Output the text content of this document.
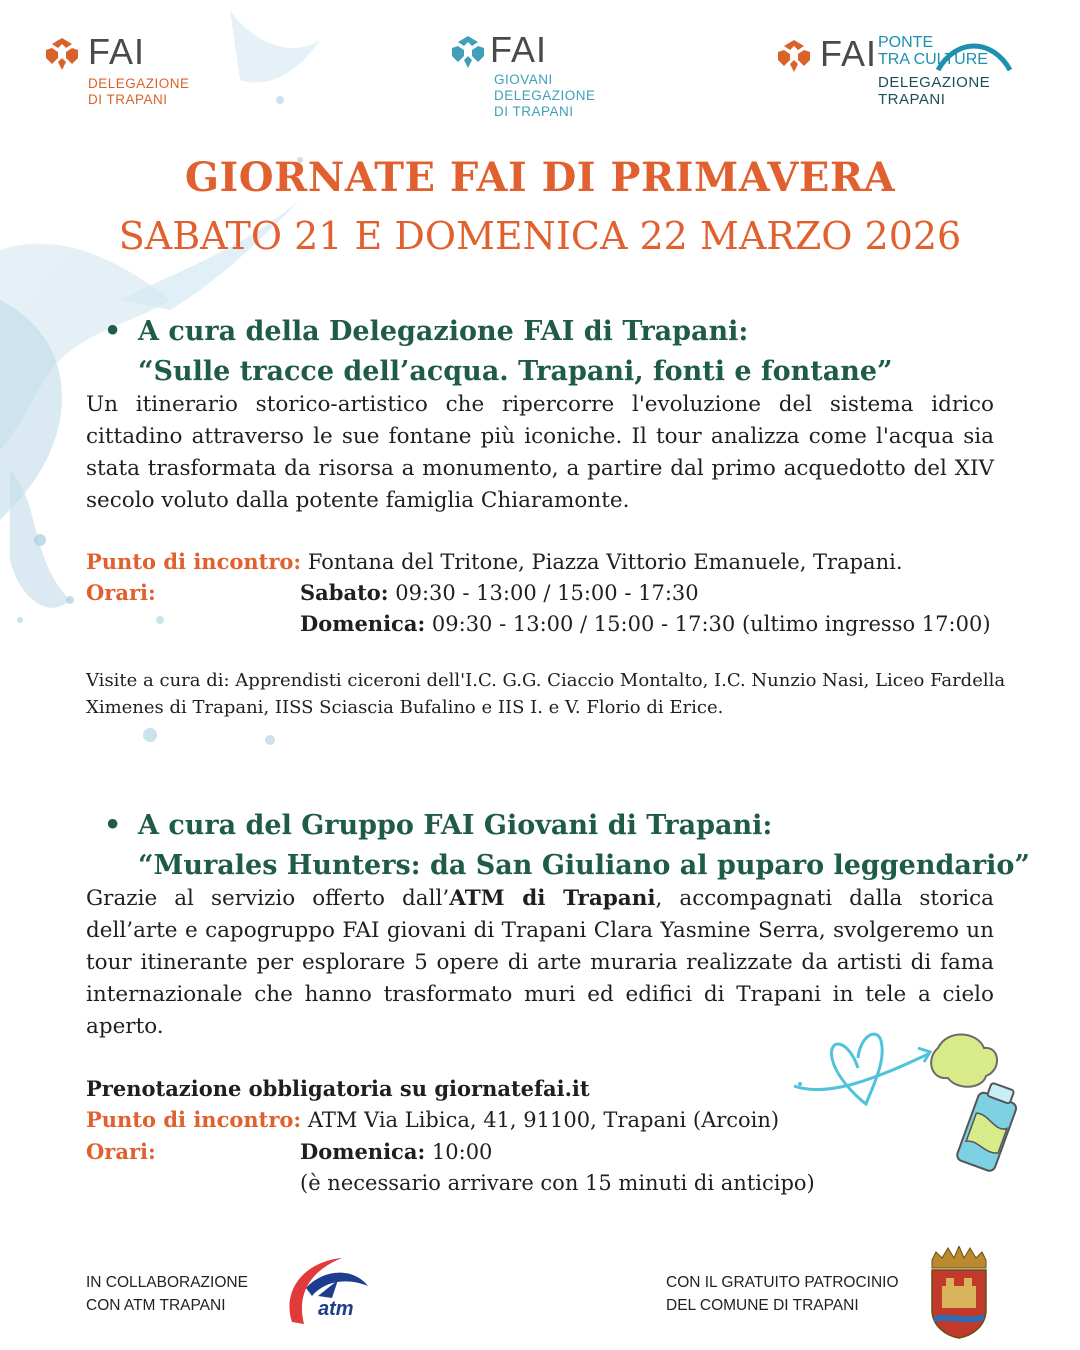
FAI
DELEGAZIONE
DI TRAPANI
FAI
GIOVANI
DELEGAZIONE
DI TRAPANI
FAI PONTE
TRA CULTURE
DELEGAZIONE
TRAPANI
GIORNATE FAI DI PRIMAVERA
SABATO 21 E DOMENICA 22 MARZO 2026
• A cura della Delegazione FAI di Trapani:
“Sulle tracce dell’acqua. Trapani, fonti e fontane”
Un itinerario storico-artistico che ripercorre l'evoluzione del sistema idrico cittadino attraverso le sue fontane più iconiche. Il tour analizza come l'acqua sia stata trasformata da risorsa a monumento, a partire dal primo acquedotto del XIV secolo voluto dalla potente famiglia Chiaramonte.
Punto di incontro: Fontana del Tritone, Piazza Vittorio Emanuele, Trapani.
Orari:	Sabato: 09:30 - 13:00 / 15:00 - 17:30
Domenica: 09:30 - 13:00 / 15:00 - 17:30 (ultimo ingresso 17:00)
Visite a cura di: Apprendisti ciceroni dell'I.C. G.G. Ciaccio Montalto, I.C. Nunzio Nasi, Liceo Fardella Ximenes di Trapani, IISS Sciascia Bufalino e IIS I. e V. Florio di Erice.
• A cura del Gruppo FAI Giovani di Trapani:
“Murales Hunters: da San Giuliano al puparo leggendario”
Grazie al servizio offerto dall’ATM di Trapani, accompagnati dalla storica dell’arte e capogruppo FAI giovani di Trapani Clara Yasmine Serra, svolgeremo un tour itinerante per esplorare 5 opere di arte muraria realizzate da artisti di fama internazionale che hanno trasformato muri ed edifici di Trapani in tele a cielo aperto.
Prenotazione obbligatoria su giornatefai.it
Punto di incontro: ATM Via Libica, 41, 91100, Trapani (Arcoin)
Orari:	Domenica: 10:00
(è necessario arrivare con 15 minuti di anticipo)
IN COLLABORAZIONE
CON ATM TRAPANI	atm
CON IL GRATUITO PATROCINIO
DEL COMUNE DI TRAPANI
